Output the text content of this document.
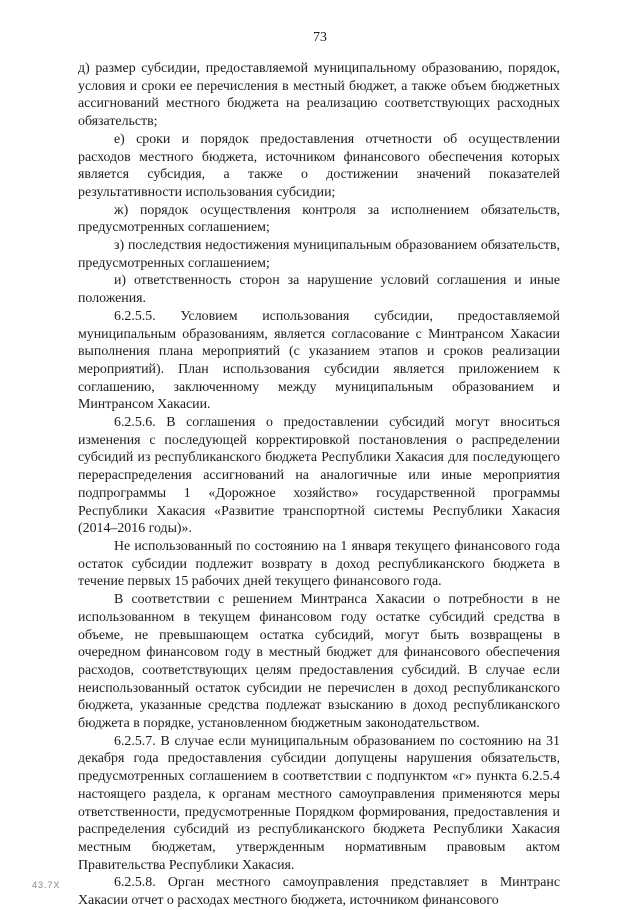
73

д) размер субсидии, предоставляемой муниципальному образованию, порядок, условия и сроки ее перечисления в местный бюджет, а также объем бюджетных ассигнований местного бюджета на реализацию соответствующих расходных обязательств;

е) сроки и порядок предоставления отчетности об осуществлении расходов местного бюджета, источником финансового обеспечения которых является субсидия, а также о достижении значений показателей результативности использования субсидии;

ж) порядок осуществления контроля за исполнением обязательств, предусмотренных соглашением;

з) последствия недостижения муниципальным образованием обязательств, предусмотренных соглашением;

и) ответственность сторон за нарушение условий соглашения и иные положения.

6.2.5.5. Условием использования субсидии, предоставляемой муниципальным образованиям, является согласование с Минтрансом Хакасии выполнения плана мероприятий (с указанием этапов и сроков реализации мероприятий). План использования субсидии является приложением к соглашению, заключенному между муниципальным образованием и Минтрансом Хакасии.

6.2.5.6. В соглашения о предоставлении субсидий могут вноситься изменения с последующей корректировкой постановления о распределении субсидий из республиканского бюджета Республики Хакасия для последующего перераспределения ассигнований на аналогичные или иные мероприятия подпрограммы 1 «Дорожное хозяйство» государственной программы Республики Хакасия «Развитие транспортной системы Республики Хакасия (2014–2016 годы)».

Не использованный по состоянию на 1 января текущего финансового года остаток субсидии подлежит возврату в доход республиканского бюджета в течение первых 15 рабочих дней текущего финансового года.

В соответствии с решением Минтранса Хакасии о потребности в не использованном в текущем финансовом году остатке субсидий средства в объеме, не превышающем остатка субсидий, могут быть возвращены в очередном финансовом году в местный бюджет для финансового обеспечения расходов, соответствующих целям предоставления субсидий. В случае если неиспользованный остаток субсидии не перечислен в доход республиканского бюджета, указанные средства подлежат взысканию в доход республиканского бюджета в порядке, установленном бюджетным законодательством.

6.2.5.7. В случае если муниципальным образованием по состоянию на 31 декабря года предоставления субсидии допущены нарушения обязательств, предусмотренных соглашением в соответствии с подпунктом «г» пункта 6.2.5.4 настоящего раздела, к органам местного самоуправления применяются меры ответственности, предусмотренные Порядком формирования, предоставления и распределения субсидий из республиканского бюджета Республики Хакасия местным бюджетам, утвержденным нормативным правовым актом Правительства Республики Хакасия.

6.2.5.8. Орган местного самоуправления представляет в Минтранс Хакасии отчет о расходах местного бюджета, источником финансового

43.7X
